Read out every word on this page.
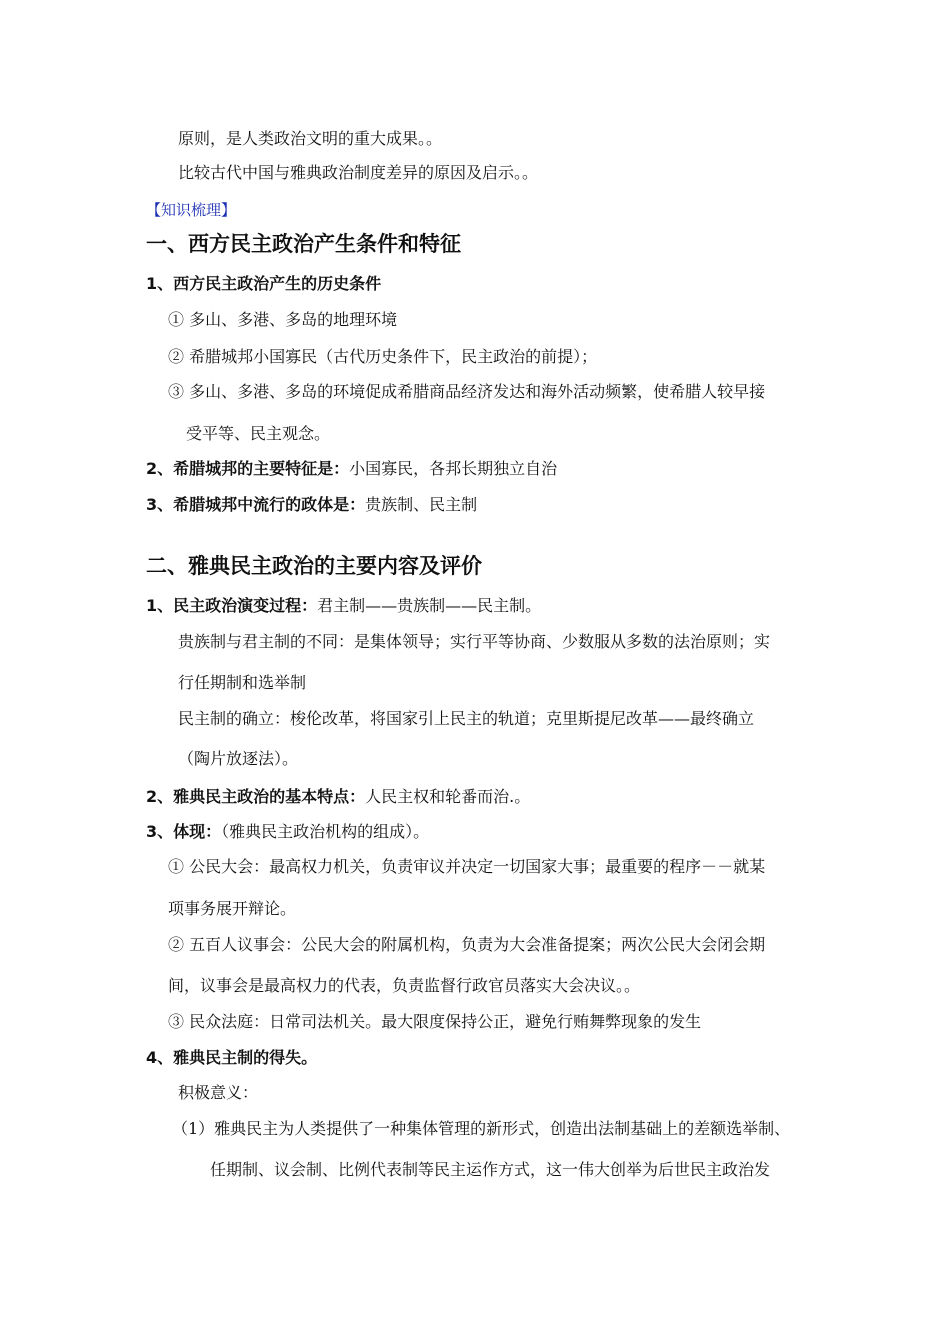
原则，是人类政治文明的重大成果。。
比较古代中国与雅典政治制度差异的原因及启示。。
【知识梳理】
一、西方民主政治产生条件和特征
1、西方民主政治产生的历史条件
① 多山、多港、多岛的地理环境
② 希腊城邦小国寡民（古代历史条件下，民主政治的前提）；
③ 多山、多港、多岛的环境促成希腊商品经济发达和海外活动频繁，使希腊人较早接
受平等、民主观念。
2、希腊城邦的主要特征是：小国寡民，各邦长期独立自治
3、希腊城邦中流行的政体是：贵族制、民主制
二、雅典民主政治的主要内容及评价
1、民主政治演变过程：君主制——贵族制——民主制。
贵族制与君主制的不同：是集体领导；实行平等协商、少数服从多数的法治原则；实
行任期制和选举制
民主制的确立：梭伦改革，将国家引上民主的轨道；克里斯提尼改革——最终确立
（陶片放逐法）。
2、雅典民主政治的基本特点：人民主权和轮番而治.。
3、体现：（雅典民主政治机构的组成）。
① 公民大会：最高权力机关，负责审议并决定一切国家大事；最重要的程序－－就某
项事务展开辩论。
② 五百人议事会：公民大会的附属机构，负责为大会准备提案；两次公民大会闭会期
间，议事会是最高权力的代表，负责监督行政官员落实大会决议。。
③ 民众法庭：日常司法机关。最大限度保持公正，避免行贿舞弊现象的发生
4、雅典民主制的得失。
积极意义：
（1）雅典民主为人类提供了一种集体管理的新形式，创造出法制基础上的差额选举制、
任期制、议会制、比例代表制等民主运作方式，这一伟大创举为后世民主政治发
